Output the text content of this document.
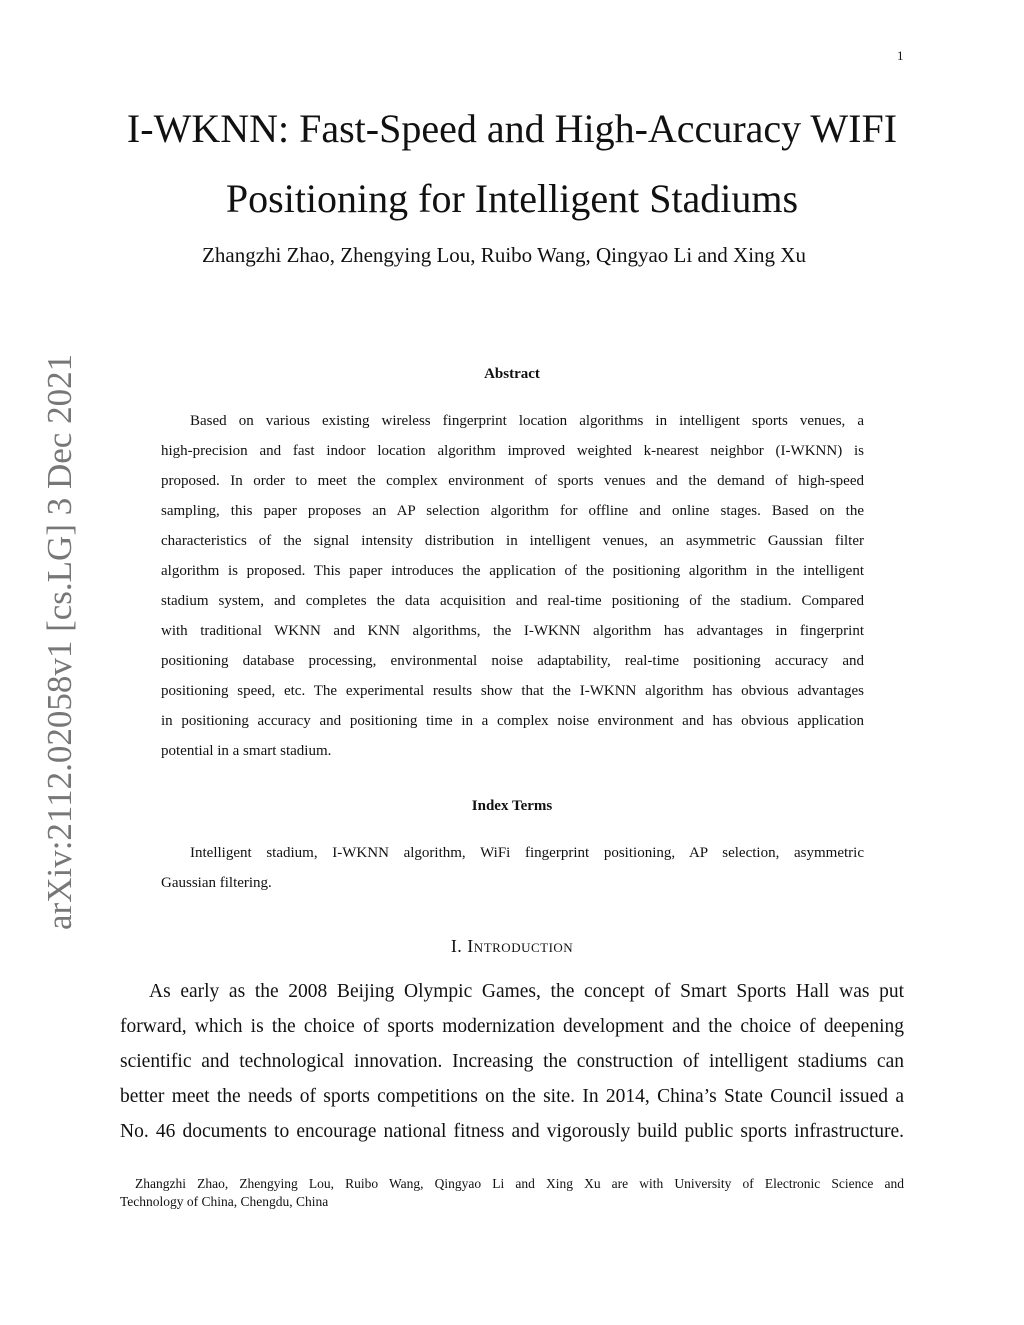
1
arXiv:2112.02058v1 [cs.LG] 3 Dec 2021
I-WKNN: Fast-Speed and High-Accuracy WIFI
Positioning for Intelligent Stadiums
Zhangzhi Zhao, Zhengying Lou, Ruibo Wang, Qingyao Li and Xing Xu
Abstract

Based on various existing wireless fingerprint location algorithms in intelligent sports venues, a
high-precision and fast indoor location algorithm improved weighted k-nearest neighbor (I-WKNN) is
proposed. In order to meet the complex environment of sports venues and the demand of high-speed
sampling, this paper proposes an AP selection algorithm for offline and online stages. Based on the
characteristics of the signal intensity distribution in intelligent venues, an asymmetric Gaussian filter
algorithm is proposed. This paper introduces the application of the positioning algorithm in the intelligent
stadium system, and completes the data acquisition and real-time positioning of the stadium. Compared
with traditional WKNN and KNN algorithms, the I-WKNN algorithm has advantages in fingerprint
positioning database processing, environmental noise adaptability, real-time positioning accuracy and
positioning speed, etc. The experimental results show that the I-WKNN algorithm has obvious advantages
in positioning accuracy and positioning time in a complex noise environment and has obvious application
potential in a smart stadium.

Index Terms

Intelligent stadium, I-WKNN algorithm, WiFi fingerprint positioning, AP selection, asymmetric
Gaussian filtering.

I. Introduction

As early as the 2008 Beijing Olympic Games, the concept of Smart Sports Hall was put
forward, which is the choice of sports modernization development and the choice of deepening
scientific and technological innovation. Increasing the construction of intelligent stadiums can
better meet the needs of sports competitions on the site. In 2014, China’s State Council issued a
No. 46 documents to encourage national fitness and vigorously build public sports infrastructure.

Zhangzhi Zhao, Zhengying Lou, Ruibo Wang, Qingyao Li and Xing Xu are with University of Electronic Science and
Technology of China, Chengdu, China
